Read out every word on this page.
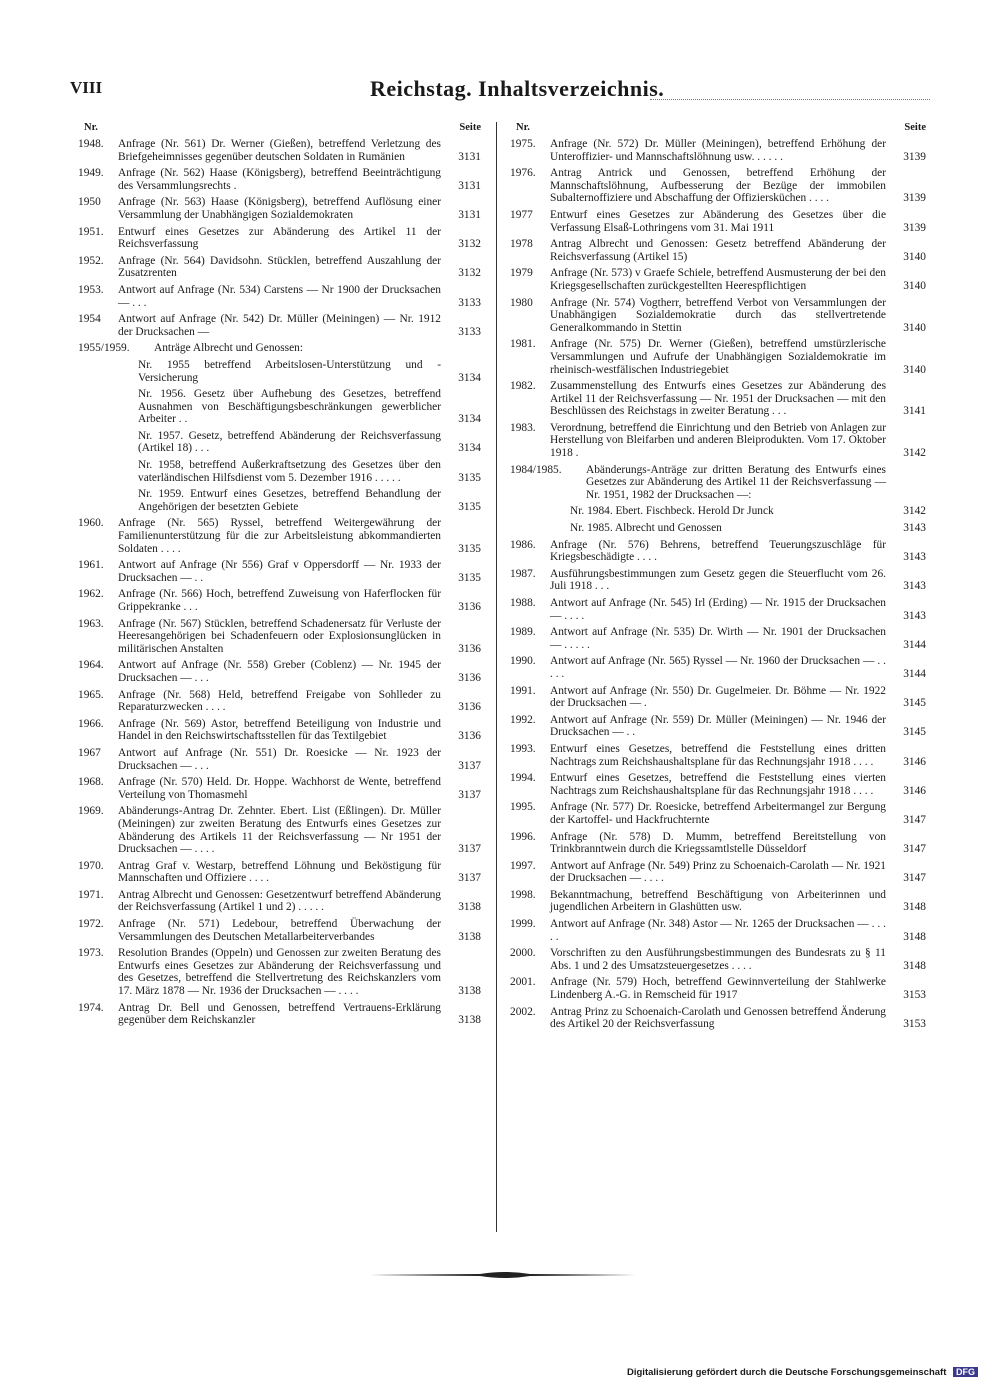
VIII	Reichstag. Inhaltsverzeichnis.
Nr.	Seite
1948. Anfrage (Nr. 561) Dr. Werner (Gießen), betreffend Verletzung des Briefgeheimnisses gegenüber deutschen Soldaten in Rumänien	3131
1949. Anfrage (Nr. 562) Haase (Königsberg), betreffend Beeinträchtigung des Versammlungsrechts .	3131
1950 Anfrage (Nr. 563) Haase (Königsberg), betreffend Auflösung einer Versammlung der Unabhängigen Sozialdemokraten	3131
1951. Entwurf eines Gesetzes zur Abänderung des Artikel 11 der Reichsverfassung	3132
1952. Anfrage (Nr. 564) Davidsohn. Stücklen, betreffend Auszahlung der Zusatzrenten	3132
1953. Antwort auf Anfrage (Nr. 534) Carstens — Nr 1900 der Drucksachen — . . .	3133
1954 Antwort auf Anfrage (Nr. 542) Dr. Müller (Meiningen) — Nr. 1912 der Drucksachen —	3133
1955/1959. Anträge Albrecht und Genossen:
Nr. 1955 betreffend Arbeitslosen-Unterstützung und -Versicherung	3134
Nr. 1956. Gesetz über Aufhebung des Gesetzes, betreffend Ausnahmen von Beschäftigungsbeschränkungen gewerblicher Arbeiter . .	3134
Nr. 1957. Gesetz, betreffend Abänderung der Reichsverfassung (Artikel 18) . . .	3134
Nr. 1958, betreffend Außerkraftsetzung des Gesetzes über den vaterländischen Hilfsdienst vom 5. Dezember 1916 . . . . .	3135
Nr. 1959. Entwurf eines Gesetzes, betreffend Behandlung der Angehörigen der besetzten Gebiete	3135
1960. Anfrage (Nr. 565) Ryssel, betreffend Weitergewährung der Familienunterstützung für die zur Arbeitsleistung abkommandierten Soldaten . . . .	3135
1961. Antwort auf Anfrage (Nr 556) Graf v Oppersdorff — Nr. 1933 der Drucksachen — . .	3135
1962. Anfrage (Nr. 566) Hoch, betreffend Zuweisung von Haferflocken für Grippekranke . . .	3136
1963. Anfrage (Nr. 567) Stücklen, betreffend Schadenersatz für Verluste der Heeresangehörigen bei Schadenfeuern oder Explosionsunglücken in militärischen Anstalten	3136
1964. Antwort auf Anfrage (Nr. 558) Greber (Coblenz) — Nr. 1945 der Drucksachen — . . .	3136
1965. Anfrage (Nr. 568) Held, betreffend Freigabe von Sohlleder zu Reparaturzwecken . . . .	3136
1966. Anfrage (Nr. 569) Astor, betreffend Beteiligung von Industrie und Handel in den Reichswirtschaftsstellen für das Textilgebiet	3136
1967 Antwort auf Anfrage (Nr. 551) Dr. Roesicke — Nr. 1923 der Drucksachen — . . .	3137
1968. Anfrage (Nr. 570) Held. Dr. Hoppe. Wachhorst de Wente, betreffend Verteilung von Thomasmehl	3137
1969. Abänderungs-Antrag Dr. Zehnter. Ebert. List (Eßlingen). Dr. Müller (Meiningen) zur zweiten Beratung des Entwurfs eines Gesetzes zur Abänderung des Artikels 11 der Reichsverfassung — Nr 1951 der Drucksachen — . . . .	3137
1970. Antrag Graf v. Westarp, betreffend Löhnung und Beköstigung für Mannschaften und Offiziere . . . .	3137
1971. Antrag Albrecht und Genossen: Gesetzentwurf betreffend Abänderung der Reichsverfassung (Artikel 1 und 2) . . . . .	3138
1972. Anfrage (Nr. 571) Ledebour, betreffend Überwachung der Versammlungen des Deutschen Metallarbeiterverbandes	3138
1973. Resolution Brandes (Oppeln) und Genossen zur zweiten Beratung des Entwurfs eines Gesetzes zur Abänderung der Reichsverfassung und des Gesetzes, betreffend die Stellvertretung des Reichskanzlers vom 17. März 1878 — Nr. 1936 der Drucksachen — . . . .	3138
1974. Antrag Dr. Bell und Genossen, betreffend Vertrauens-Erklärung gegenüber dem Reichskanzler	3138
Nr.	Seite
1975. Anfrage (Nr. 572) Dr. Müller (Meiningen), betreffend Erhöhung der Unteroffizier- und Mannschaftslöhnung usw. . . . . .	3139
1976. Antrag Antrick und Genossen, betreffend Erhöhung der Mannschaftslöhnung, Aufbesserung der Bezüge der immobilen Subalternoffiziere und Abschaffung der Offiziersküchen . . . .	3139
1977 Entwurf eines Gesetzes zur Abänderung des Gesetzes über die Verfassung Elsaß-Lothringens vom 31. Mai 1911	3139
1978 Antrag Albrecht und Genossen: Gesetz betreffend Abänderung der Reichsverfassung (Artikel 15)	3140
1979 Anfrage (Nr. 573) v Graefe Schiele, betreffend Ausmusterung der bei den Kriegsgesellschaften zurückgestellten Heerespflichtigen	3140
1980 Anfrage (Nr. 574) Vogtherr, betreffend Verbot von Versammlungen der Unabhängigen Sozialdemokratie durch das stellvertretende Generalkommando in Stettin	3140
1981. Anfrage (Nr. 575) Dr. Werner (Gießen), betreffend umstürzlerische Versammlungen und Aufrufe der Unabhängigen Sozialdemokratie im rheinisch-westfälischen Industriegebiet	3140
1982. Zusammenstellung des Entwurfs eines Gesetzes zur Abänderung des Artikel 11 der Reichsverfassung — Nr. 1951 der Drucksachen — mit den Beschlüssen des Reichstags in zweiter Beratung . . .	3141
1983. Verordnung, betreffend die Einrichtung und den Betrieb von Anlagen zur Herstellung von Bleifarben und anderen Bleiprodukten. Vom 17. Oktober 1918 .	3142
1984/1985. Abänderungs-Anträge zur dritten Beratung des Entwurfs eines Gesetzes zur Abänderung des Artikel 11 der Reichsverfassung — Nr. 1951, 1982 der Drucksachen —:
Nr. 1984. Ebert. Fischbeck. Herold Dr Junck	3142
Nr. 1985. Albrecht und Genossen	3143
1986. Anfrage (Nr. 576) Behrens, betreffend Teuerungszuschläge für Kriegsbeschädigte . . . .	3143
1987. Ausführungsbestimmungen zum Gesetz gegen die Steuerflucht vom 26. Juli 1918 . . .	3143
1988. Antwort auf Anfrage (Nr. 545) Irl (Erding) — Nr. 1915 der Drucksachen — . . . .	3143
1989. Antwort auf Anfrage (Nr. 535) Dr. Wirth — Nr. 1901 der Drucksachen — . . . . .	3144
1990. Antwort auf Anfrage (Nr. 565) Ryssel — Nr. 1960 der Drucksachen — . . . . .	3144
1991. Antwort auf Anfrage (Nr. 550) Dr. Gugelmeier. Dr. Böhme — Nr. 1922 der Drucksachen — .	3145
1992. Antwort auf Anfrage (Nr. 559) Dr. Müller (Meiningen) — Nr. 1946 der Drucksachen — . .	3145
1993. Entwurf eines Gesetzes, betreffend die Feststellung eines dritten Nachtrags zum Reichshaushaltsplane für das Rechnungsjahr 1918 . . . .	3146
1994. Entwurf eines Gesetzes, betreffend die Feststellung eines vierten Nachtrags zum Reichshaushaltsplane für das Rechnungsjahr 1918 . . . .	3146
1995. Anfrage (Nr. 577) Dr. Roesicke, betreffend Arbeitermangel zur Bergung der Kartoffel- und Hackfruchternte	3147
1996. Anfrage (Nr. 578) D. Mumm, betreffend Bereitstellung von Trinkbranntwein durch die Kriegssamtlstelle Düsseldorf	3147
1997. Antwort auf Anfrage (Nr. 549) Prinz zu Schoenaich-Carolath — Nr. 1921 der Drucksachen — . . . .	3147
1998. Bekanntmachung, betreffend Beschäftigung von Arbeiterinnen und jugendlichen Arbeitern in Glashütten usw.	3148
1999. Antwort auf Anfrage (Nr. 348) Astor — Nr. 1265 der Drucksachen — . . . . .	3148
2000. Vorschriften zu den Ausführungsbestimmungen des Bundesrats zu § 11 Abs. 1 und 2 des Umsatzsteuergesetzes . . . .	3148
2001. Anfrage (Nr. 579) Hoch, betreffend Gewinnverteilung der Stahlwerke Lindenberg A.-G. in Remscheid für 1917	3153
2002. Antrag Prinz zu Schoenaich-Carolath und Genossen betreffend Änderung des Artikel 20 der Reichsverfassung	3153
Digitalisierung gefördert durch die Deutsche Forschungsgemeinschaft DFG
